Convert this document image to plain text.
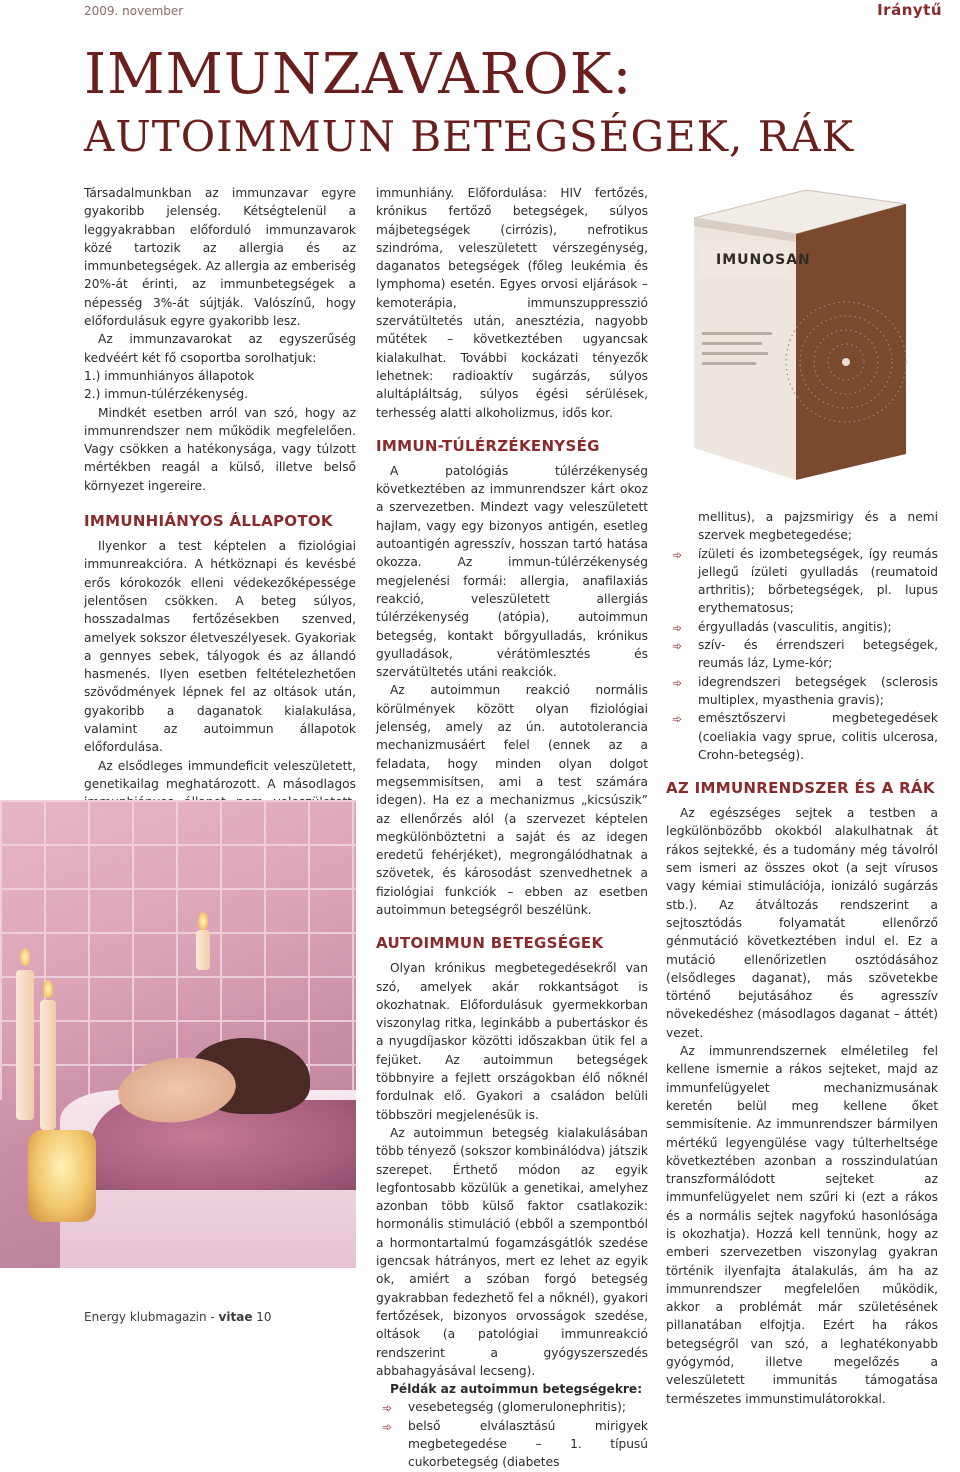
2009. november	Iránytű
IMMUNZAVAROK:
AUTOIMMUN BETEGSÉGEK, RÁK

Társadalmunkban az immunzavar egyre gyakoribb jelenség. Kétségtelenül a leggyakrabban előforduló immunzavarok közé tartozik az allergia és az immunbetegségek. Az allergia az emberiség 20%-át érinti, az immunbetegségek a népesség 3%-át sújtják. Valószínű, hogy előfordulásuk egyre gyakoribb lesz.

Az immunzavarokat az egyszerűség kedvéért két fő csoportba sorolhatjuk:

1.) immunhiányos állapotok

2.) immun-túlérzékenység.

Mindkét esetben arról van szó, hogy az immunrendszer nem működik megfelelően. Vagy csökken a hatékonysága, vagy túlzott mértékben reagál a külső, illetve belső környezet ingereire.

IMMUNHIÁNYOS ÁLLAPOTOK

Ilyenkor a test képtelen a fiziológiai immunreakcióra. A hétköznapi és kevésbé erős kórokozók elleni védekezőképessége jelentősen csökken. A beteg súlyos, hosszadalmas fertőzésekben szenved, amelyek sokszor életveszélyesek. Gyakoriak a gennyes sebek, tályogok és az állandó hasmenés. Ilyen esetben feltételezhetően szövődmények lépnek fel az oltások után, gyakoribb a daganatok kialakulása, valamint az autoimmun állapotok előfordulása.

Az elsődleges immundeficit veleszületett, genetikailag meghatározott. A másodlagos

immunhiány. Előfordulása: HIV fertőzés, krónikus fertőző betegségek, súlyos májbetegségek (cirrózis), nefrotikus szindróma, veleszületett vérszegénység, daganatos betegségek (főleg leukémia és lymphoma) esetén. Egyes orvosi eljárások – kemoterápia, immunszuppresszió szervátültetés után, anesztézia, nagyobb műtétek – következtében ugyancsak kialakulhat. További kockázati tényezők lehetnek: radioaktív sugárzás, súlyos alultápláltság, súlyos égési sérülések, terhesség alatti alkoholizmus, idős kor.

IMMUN-TÚLÉRZÉKENYSÉG

A patológiás túlérzékenység következtében az immunrendszer kárt okoz a szervezetben. Mindezt vagy veleszületett hajlam, vagy egy bizonyos antigén, esetleg autoantigén agresszív, hosszan tartó hatása okozza. Az immun-túlérzékenység megjelenési formái: allergia, anafilaxiás reakció, veleszületett allergiás túlérzékenység (atópia), autoimmun betegség, kontakt bőrgyulladás, krónikus gyulladások, vérátömlesztés és szervátültetés utáni reakciók.

Az autoimmun reakció normális körülmények között olyan fiziológiai jelenség, amely az ún. autotolerancia mechanizmusáért felel (ennek az a feladata, hogy minden olyan dolgot megsemmisítsen, ami a test számára idegen). Ha ez a mechanizmus „kicsúszik” az ellenőrzés alól (a szervezet képtelen megkülönböztetni a saját és az idegen eredetű fehérjéket), megrongálódhatnak a szövetek, és károsodást szenvedhetnek a fiziológiai funkciók – ebben az esetben autoimmun betegségről beszélünk.

AUTOIMMUN BETEGSÉGEK

Olyan krónikus megbetegedésekről van szó, amelyek akár rokkantságot is okozhatnak. Előfordulásuk gyermekkorban viszonylag ritka, leginkább a pubertáskor és a nyugdíjaskor közötti időszakban ütik fel a fejüket. Az autoimmun betegségek többnyire a fejlett országokban élő nőknél fordulnak elő. Gyakori a családon belüli többszöri megjelenésük is.

Az autoimmun betegség kialakulásában több tényező (sokszor kombinálódva) játszik szerepet. Érthető módon az egyik legfontosabb közülük a genetikai, amelyhez azonban több külső faktor csatlakozik: hormonális stimuláció (ebből a szempontból a hormontartalmú fogamzásgátlók szedése igencsak hátrányos, mert ez lehet az egyik ok, amiért a szóban forgó betegség gyakrabban fedezhető fel a nőknél), gyakori fertőzések, bizonyos orvosságok szedése, oltások (a patológiai immunreakció rendszerint a gyógyszerszedés abbahagyásával lecseng).

Példák az autoimmun betegségekre:

➾ vesebetegség (glomerulonephritis);
➾ belső elválasztású mirigyek megbetegedése – 1. típusú cukorbetegség (diabetes
IMUNOSAN

mellitus), a pajzsmirigy és a nemi szervek megbetegedése;

➾ ízületi és izombetegségek, így reumás jellegű ízületi gyulladás (reumatoid arthritis); bőrbetegségek, pl. lupus erythematosus;
➾ érgyulladás (vasculitis, angitis);
➾ szív- és érrendszeri betegségek, reumás láz, Lyme-kór;
➾ idegrendszeri betegségek (sclerosis multiplex, myasthenia gravis);
➾ emésztőszervi megbetegedések (coeliakia vagy sprue, colitis ulcerosa, Crohn-betegség).
AZ IMMUNRENDSZER ÉS A RÁK

Az egészséges sejtek a testben a legkülönbözőbb okokból alakulhatnak át rákos sejtekké, és a tudomány még távolról sem ismeri az összes okot (a sejt vírusos vagy kémiai stimulációja, ionizáló sugárzás stb.). Az átváltozás rendszerint a sejtosztódás folyamatát ellenőrző génmutáció következtében indul el. Ez a mutáció ellenőrizetlen osztódásához (elsődleges daganat), más szövetekbe történő bejutásához és agresszív növekedéshez (másodlagos daganat – áttét) vezet.

Az immunrendszernek elméletileg fel kellene ismernie a rákos sejteket, majd az immunfelügyelet mechanizmusának keretén belül meg kellene őket semmisítenie. Az immunrendszer bármilyen mértékű legyengülése vagy túlterheltsége következtében azonban a rosszindulatúan transzformálódott sejteket az immunfelügyelet nem szűri ki (ezt a rákos és a normális sejtek nagyfokú hasonlósága is okozhatja). Hozzá kell tennünk, hogy az emberi szervezetben viszonylag gyakran történik ilyenfajta átalakulás, ám ha az immunrendszer megfelelően működik, akkor a problémát már születésének pillanatában elfojtja. Ezért ha rákos betegségről van szó, a leghatékonyabb gyógymód, illetve megelőzés a veleszületett immunitás támogatása természetes immunstimulátorokkal.

Energy klubmagazin - vitae 10
